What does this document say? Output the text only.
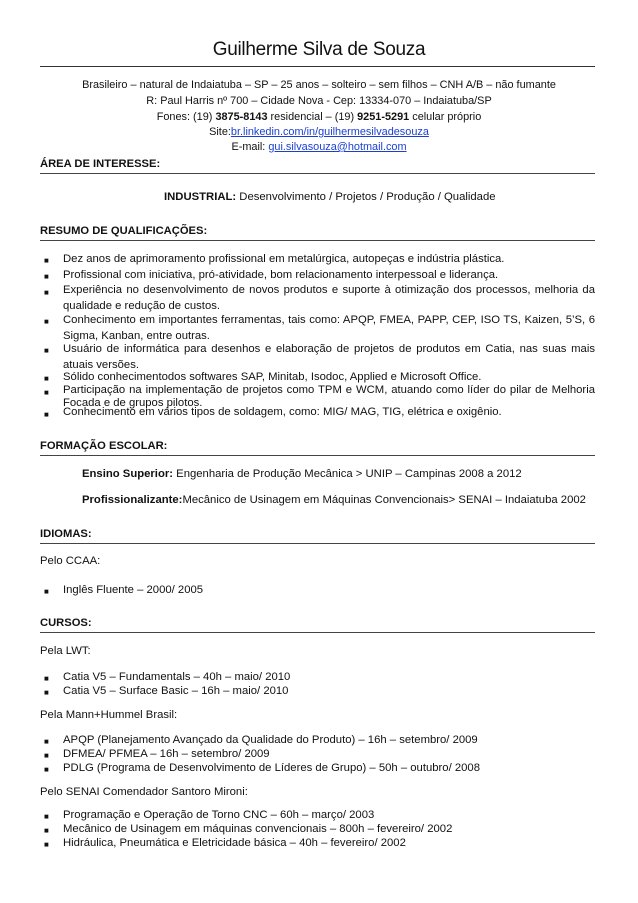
Guilherme Silva de Souza
Brasileiro – natural de Indaiatuba – SP – 25 anos – solteiro – sem filhos – CNH A/B – não fumante
R: Paul Harris nº 700 – Cidade Nova - Cep: 13334-070 – Indaiatuba/SP
Fones: (19) 3875-8143 residencial – (19) 9251-5291 celular próprio
Site:br.linkedin.com/in/guilhermesilvadesouza
E-mail: gui.silvasouza@hotmail.com
ÁREA DE INTERESSE:
INDUSTRIAL: Desenvolvimento / Projetos / Produção / Qualidade
RESUMO DE QUALIFICAÇÕES:
■ Dez anos de aprimoramento profissional em metalúrgica, autopeças e indústria plástica.
■ Profissional com iniciativa, pró-atividade, bom relacionamento interpessoal e liderança.
■ Experiência no desenvolvimento de novos produtos e suporte à otimização dos processos, melhoria da qualidade e redução de custos.
■ Conhecimento em importantes ferramentas, tais como: APQP, FMEA, PAPP, CEP, ISO TS, Kaizen, 5’S, 6 Sigma, Kanban, entre outras.
■ Usuário de informática para desenhos e elaboração de projetos de produtos em Catia, nas suas mais atuais versões.
■ Sólido conhecimentodos softwares SAP, Minitab, Isodoc, Applied e Microsoft Office.
■ Participação na implementação de projetos como TPM e WCM, atuando como líder do pilar de Melhoria Focada e de grupos pilotos.
■ Conhecimento em vários tipos de soldagem, como: MIG/ MAG, TIG, elétrica e oxigênio.
FORMAÇÃO ESCOLAR:
Ensino Superior: Engenharia de Produção Mecânica > UNIP – Campinas 2008 a 2012
Profissionalizante:Mecânico de Usinagem em Máquinas Convencionais> SENAI – Indaiatuba 2002
IDIOMAS:
Pelo CCAA:
■ Inglês Fluente – 2000/ 2005
CURSOS:
Pela LWT:
■ Catia V5 – Fundamentals – 40h – maio/ 2010
■ Catia V5 – Surface Basic – 16h – maio/ 2010
Pela Mann+Hummel Brasil:
■ APQP (Planejamento Avançado da Qualidade do Produto) – 16h – setembro/ 2009
■ DFMEA/ PFMEA – 16h – setembro/ 2009
■ PDLG (Programa de Desenvolvimento de Líderes de Grupo) – 50h – outubro/ 2008
Pelo SENAI Comendador Santoro Mironi:
■ Programação e Operação de Torno CNC – 60h – março/ 2003
■ Mecânico de Usinagem em máquinas convencionais – 800h – fevereiro/ 2002
■ Hidráulica, Pneumática e Eletricidade básica – 40h – fevereiro/ 2002
